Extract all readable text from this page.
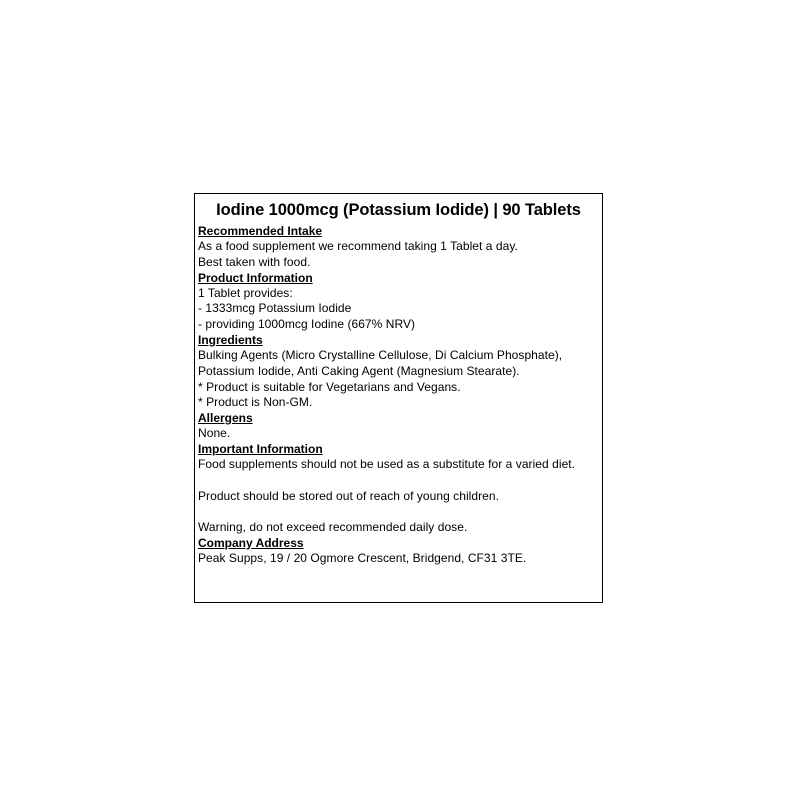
Iodine 1000mcg (Potassium Iodide) | 90 Tablets
Recommended Intake
As a food supplement we recommend taking 1 Tablet a day.
Best taken with food.
Product Information
1 Tablet provides:
- 1333mcg Potassium Iodide
- providing 1000mcg Iodine (667% NRV)
Ingredients
Bulking Agents (Micro Crystalline Cellulose, Di Calcium Phosphate),
Potassium Iodide, Anti Caking Agent (Magnesium Stearate).
* Product is suitable for Vegetarians and Vegans.
* Product is Non-GM.
Allergens
None.
Important Information
Food supplements should not be used as a substitute for a varied diet.
Product should be stored out of reach of young children.
Warning, do not exceed recommended daily dose.
Company Address
Peak Supps, 19 / 20 Ogmore Crescent, Bridgend, CF31 3TE.
